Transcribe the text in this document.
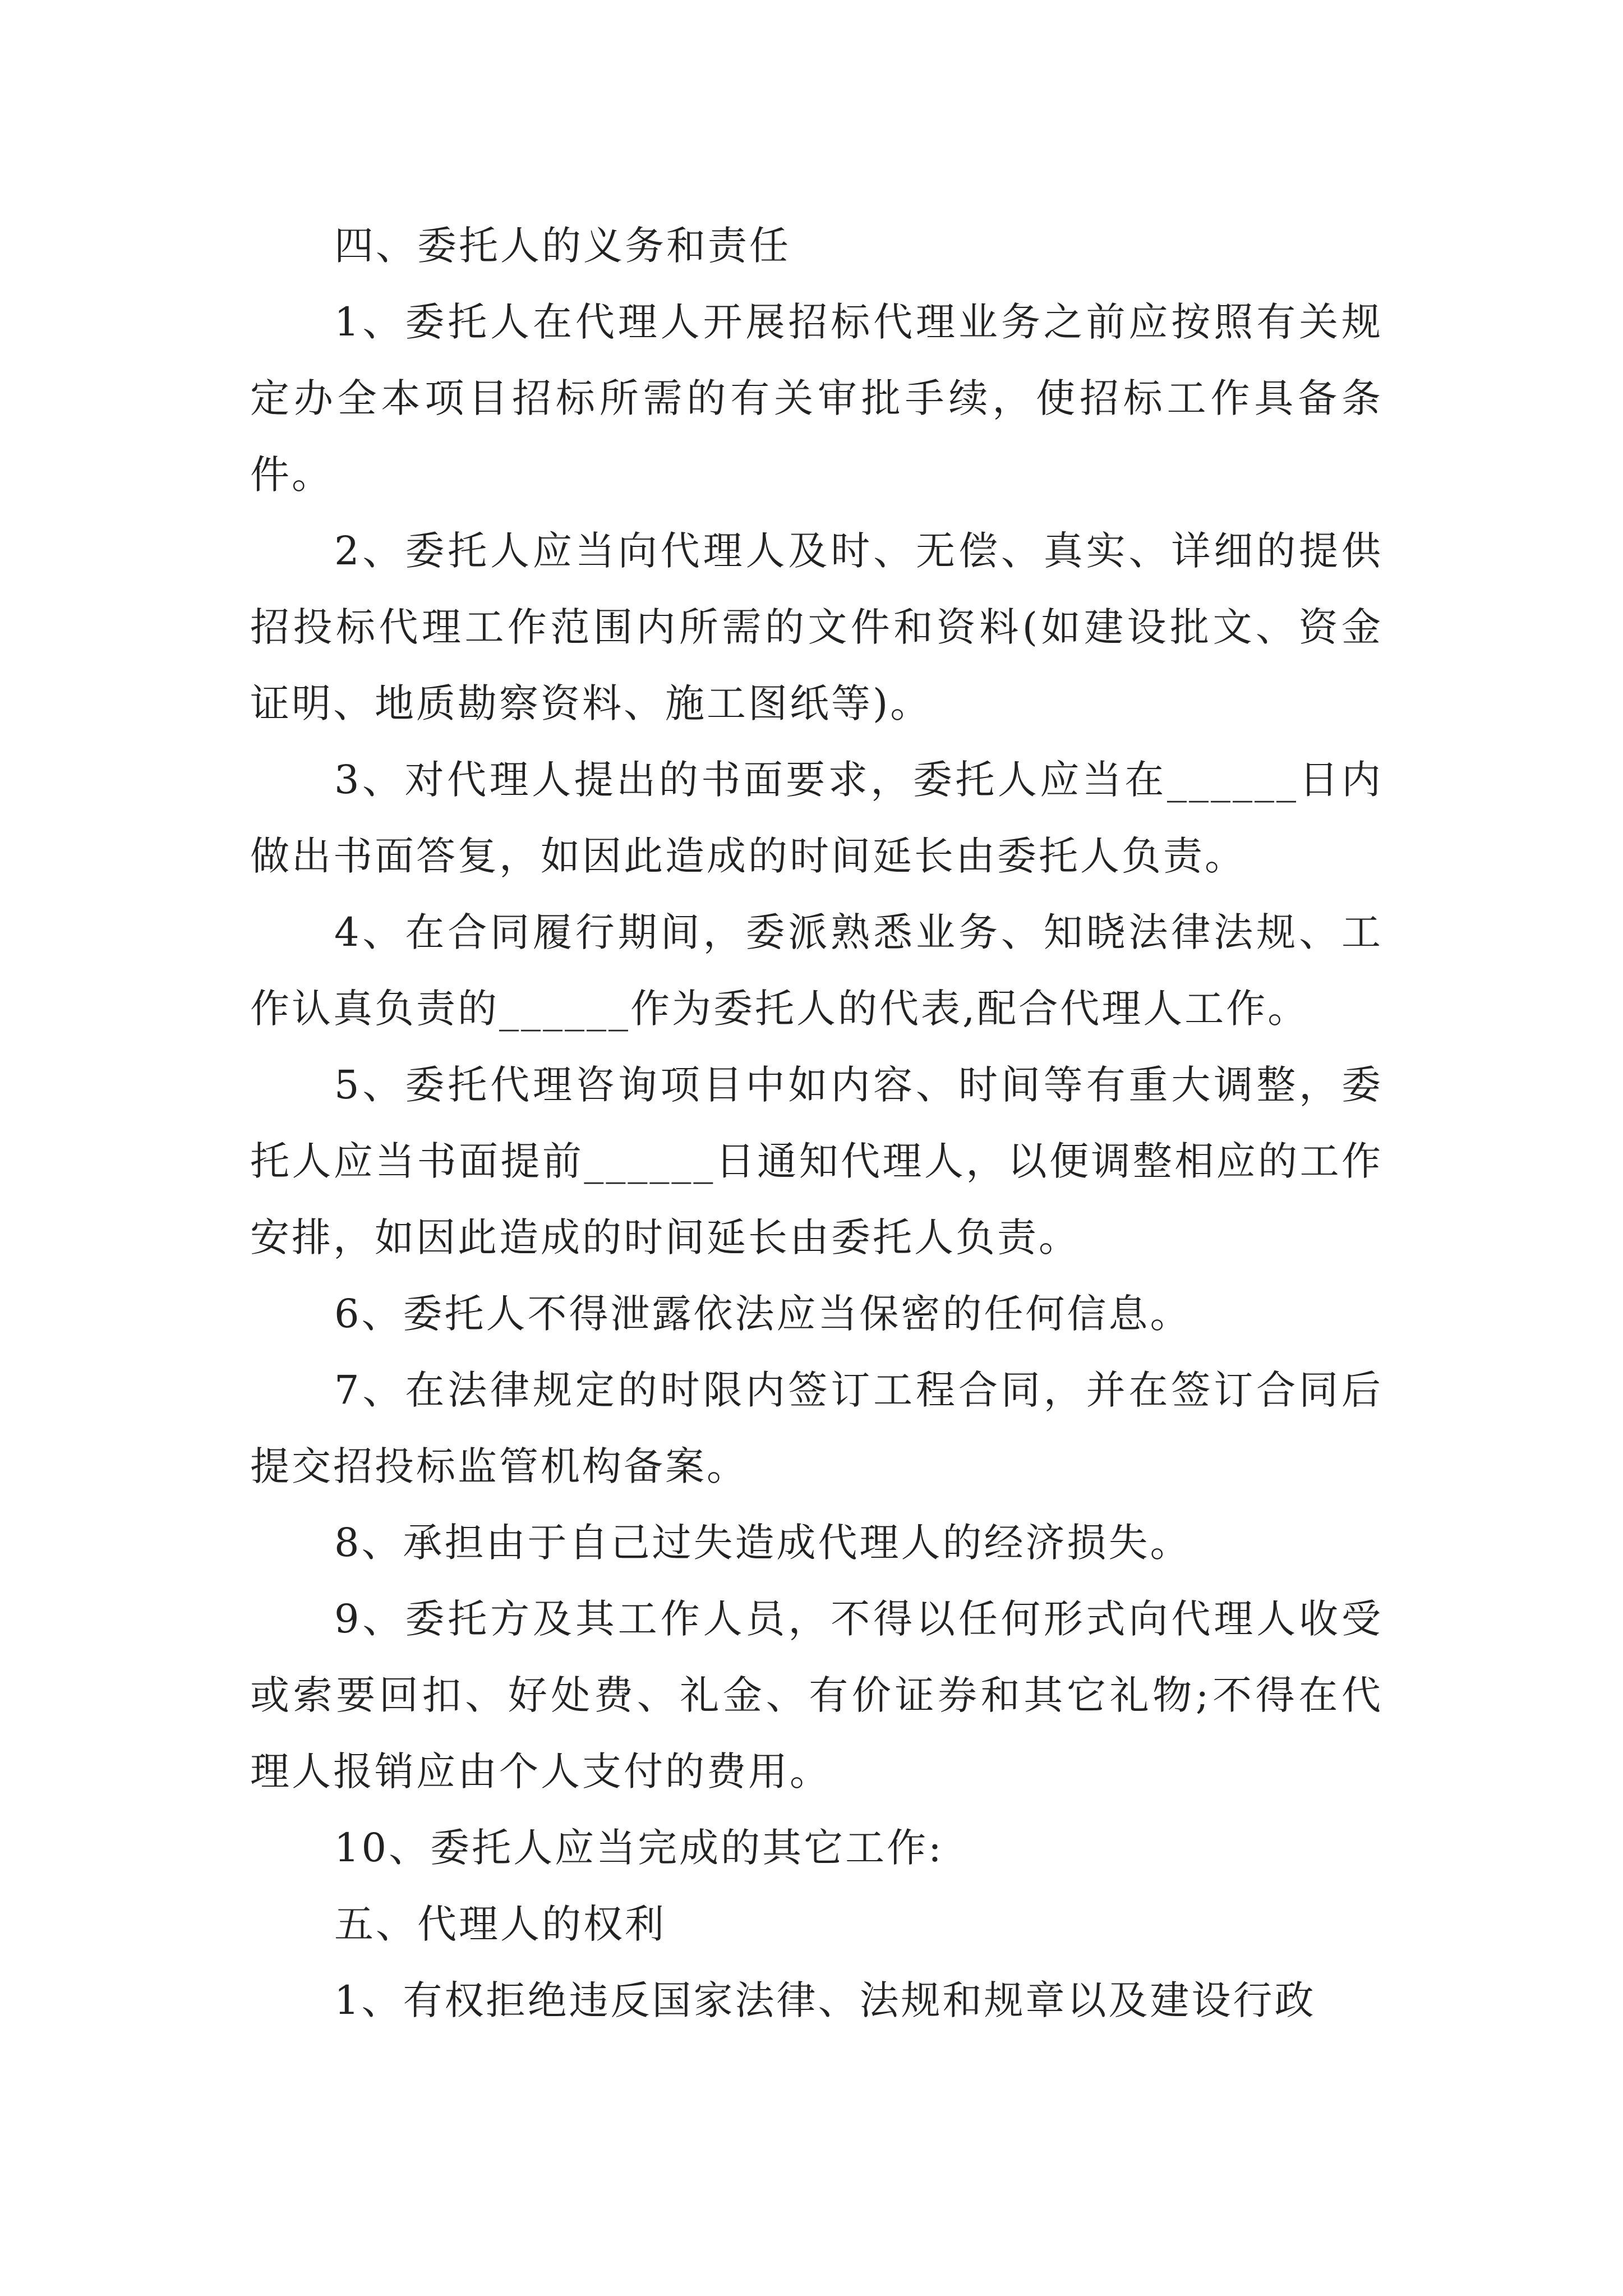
四、委托人的义务和责任

1、委托人在代理人开展招标代理业务之前应按照有关规定办全本项目招标所需的有关审批手续，使招标工作具备条件。

2、委托人应当向代理人及时、无偿、真实、详细的提供招投标代理工作范围内所需的文件和资料(如建设批文、资金证明、地质勘察资料、施工图纸等)。

3、对代理人提出的书面要求，委托人应当在______日内做出书面答复，如因此造成的时间延长由委托人负责。

4、在合同履行期间，委派熟悉业务、知晓法律法规、工作认真负责的______作为委托人的代表,配合代理人工作。

5、委托代理咨询项目中如内容、时间等有重大调整，委托人应当书面提前______日通知代理人，以便调整相应的工作安排，如因此造成的时间延长由委托人负责。

6、委托人不得泄露依法应当保密的任何信息。

7、在法律规定的时限内签订工程合同，并在签订合同后提交招投标监管机构备案。

8、承担由于自己过失造成代理人的经济损失。

9、委托方及其工作人员，不得以任何形式向代理人收受或索要回扣、好处费、礼金、有价证券和其它礼物;不得在代理人报销应由个人支付的费用。

10、委托人应当完成的其它工作:

五、代理人的权利

1、有权拒绝违反国家法律、法规和规章以及建设行政
